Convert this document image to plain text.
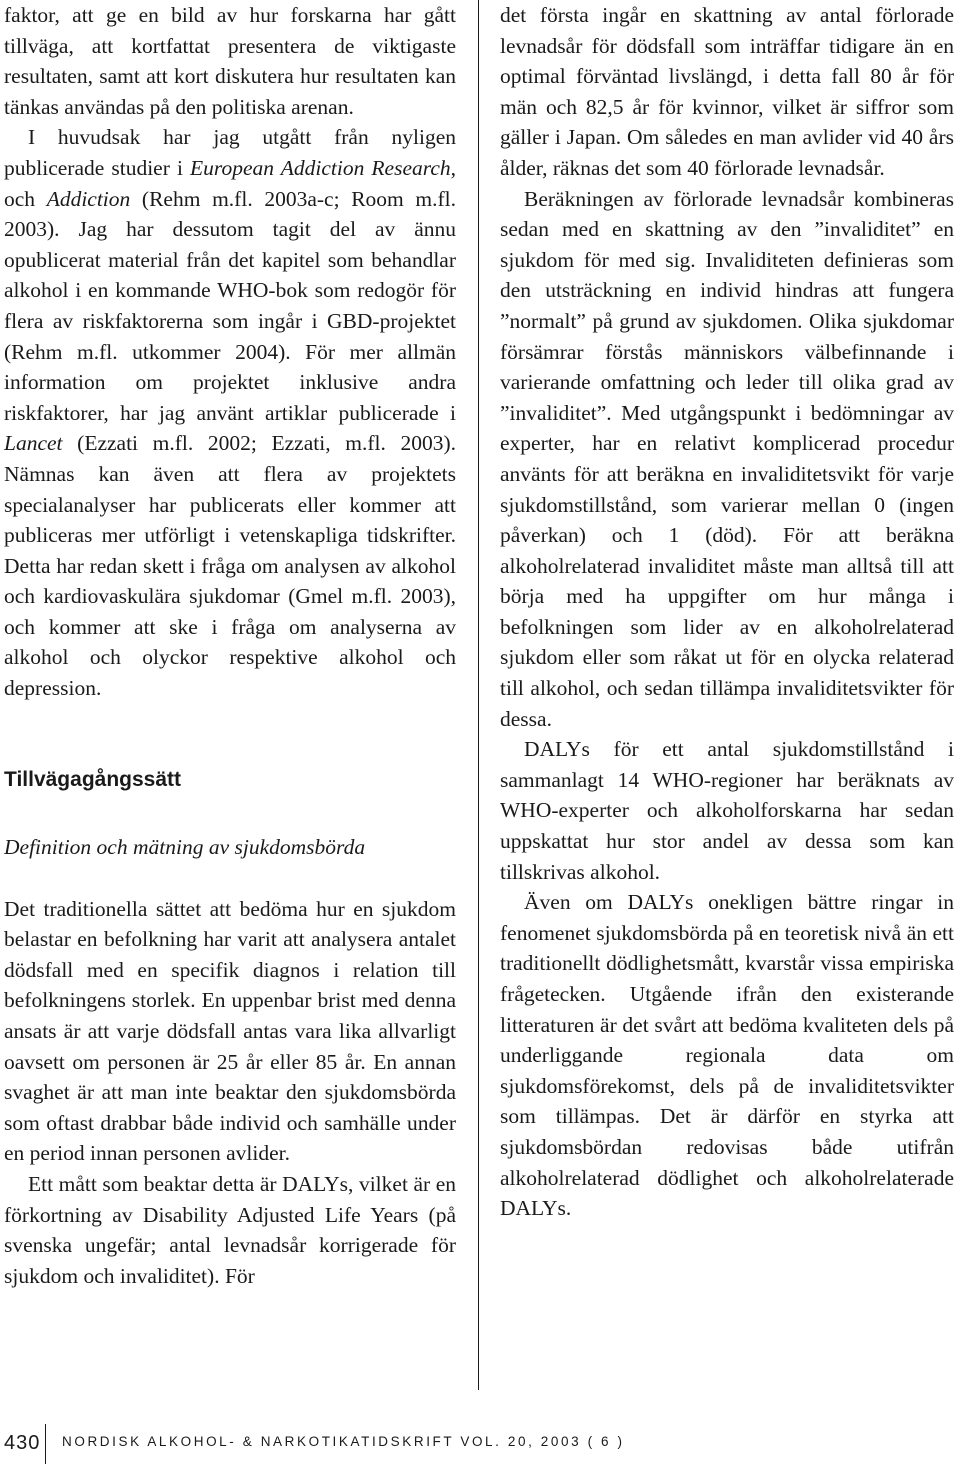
faktor, att ge en bild av hur forskarna har gått tillväga, att kortfattat presentera de viktigaste resultaten, samt att kort diskutera hur resultaten kan tänkas användas på den politiska arenan.

I huvudsak har jag utgått från nyligen publicerade studier i European Addiction Research, och Addiction (Rehm m.fl. 2003a-c; Room m.fl. 2003). Jag har dessutom tagit del av ännu opublicerat material från det kapitel som behandlar alkohol i en kommande WHO-bok som redogör för flera av riskfaktorerna som ingår i GBD-projektet (Rehm m.fl. utkommer 2004). För mer allmän information om projektet inklusive andra riskfaktorer, har jag använt artiklar publicerade i Lancet (Ezzati m.fl. 2002; Ezzati, m.fl. 2003). Nämnas kan även att flera av projektets specialanalyser har publicerats eller kommer att publiceras mer utförligt i vetenskapliga tidskrifter. Detta har redan skett i fråga om analysen av alkohol och kardiovaskulära sjukdomar (Gmel m.fl. 2003), och kommer att ske i fråga om analyserna av alkohol och olyckor respektive alkohol och depression.

Tillvägagångssätt
Definition och mätning av sjukdomsbörda

Det traditionella sättet att bedöma hur en sjukdom belastar en befolkning har varit att analysera antalet dödsfall med en specifik diagnos i relation till befolkningens storlek. En uppenbar brist med denna ansats är att varje dödsfall antas vara lika allvarligt oavsett om personen är 25 år eller 85 år. En annan svaghet är att man inte beaktar den sjukdomsbörda som oftast drabbar både individ och samhälle under en period innan personen avlider.

Ett mått som beaktar detta är DALYs, vilket är en förkortning av Disability Adjusted Life Years (på svenska ungefär; antal levnadsår korrigerade för sjukdom och invaliditet). För

det första ingår en skattning av antal förlorade levnadsår för dödsfall som inträffar tidigare än en optimal förväntad livslängd, i detta fall 80 år för män och 82,5 år för kvinnor, vilket är siffror som gäller i Japan. Om således en man avlider vid 40 års ålder, räknas det som 40 förlorade levnadsår.

Beräkningen av förlorade levnadsår kombineras sedan med en skattning av den ”invaliditet” en sjukdom för med sig. Invaliditeten definieras som den utsträckning en individ hindras att fungera ”normalt” på grund av sjukdomen. Olika sjukdomar försämrar förstås människors välbefinnande i varierande omfattning och leder till olika grad av ”invaliditet”. Med utgångspunkt i bedömningar av experter, har en relativt komplicerad procedur använts för att beräkna en invaliditetsvikt för varje sjukdomstillstånd, som varierar mellan 0 (ingen påverkan) och 1 (död). För att beräkna alkoholrelaterad invaliditet måste man alltså till att börja med ha uppgifter om hur många i befolkningen som lider av en alkoholrelaterad sjukdom eller som råkat ut för en olycka relaterad till alkohol, och sedan tillämpa invaliditetsvikter för dessa.

DALYs för ett antal sjukdomstillstånd i sammanlagt 14 WHO-regioner har beräknats av WHO-experter och alkoholforskarna har sedan uppskattat hur stor andel av dessa som kan tillskrivas alkohol.

Även om DALYs onekligen bättre ringar in fenomenet sjukdomsbörda på en teoretisk nivå än ett traditionellt dödlighetsmått, kvarstår vissa empiriska frågetecken. Utgående ifrån den existerande litteraturen är det svårt att bedöma kvaliteten dels på underliggande regionala data om sjukdomsförekomst, dels på de invaliditetsvikter som tillämpas. Det är därför en styrka att sjukdomsbördan redovisas både utifrån alkoholrelaterad dödlighet och alkoholrelaterade DALYs.

430 NORDISK ALKOHOL- & NARKOTIKATIDSKRIFT VOL. 20, 2003 ( 6 )
